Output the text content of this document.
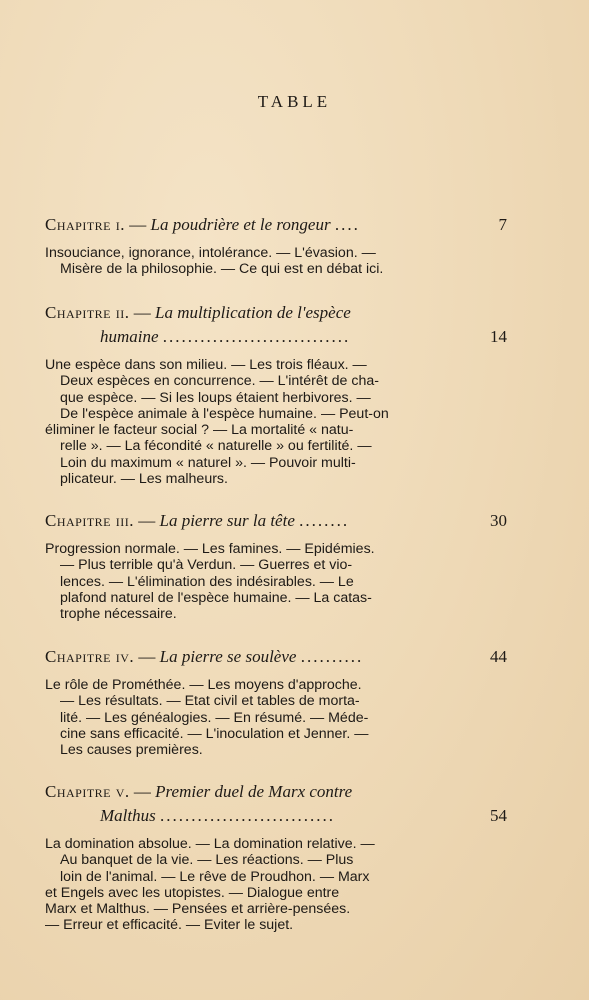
TABLE
Chapitre i. — La poudrière et le rongeur ....	7
Insouciance, ignorance, intolérance. — L'évasion. —
Misère de la philosophie. — Ce qui est en débat ici.
Chapitre ii. — La multiplication de l'espèce
humaine ..............................	14
Une espèce dans son milieu. — Les trois fléaux. —
Deux espèces en concurrence. — L'intérêt de cha-
que espèce. — Si les loups étaient herbivores. —
De l'espèce animale à l'espèce humaine. — Peut-on
éliminer le facteur social ? — La mortalité « natu-
relle ». — La fécondité « naturelle » ou fertilité. —
Loin du maximum « naturel ». — Pouvoir multi-
plicateur. — Les malheurs.
Chapitre iii. — La pierre sur la tête ........	30
Progression normale. — Les famines. — Epidémies.
— Plus terrible qu'à Verdun. — Guerres et vio-
lences. — L'élimination des indésirables. — Le
plafond naturel de l'espèce humaine. — La catas-
trophe nécessaire.
Chapitre iv. — La pierre se soulève ..........	44
Le rôle de Prométhée. — Les moyens d'approche.
— Les résultats. — Etat civil et tables de morta-
lité. — Les généalogies. — En résumé. — Méde-
cine sans efficacité. — L'inoculation et Jenner. —
Les causes premières.
Chapitre v. — Premier duel de Marx contre
Malthus ............................	54
La domination absolue. — La domination relative. —
Au banquet de la vie. — Les réactions. — Plus
loin de l'animal. — Le rêve de Proudhon. — Marx
et Engels avec les utopistes. — Dialogue entre
Marx et Malthus. — Pensées et arrière-pensées.
— Erreur et efficacité. — Eviter le sujet.
